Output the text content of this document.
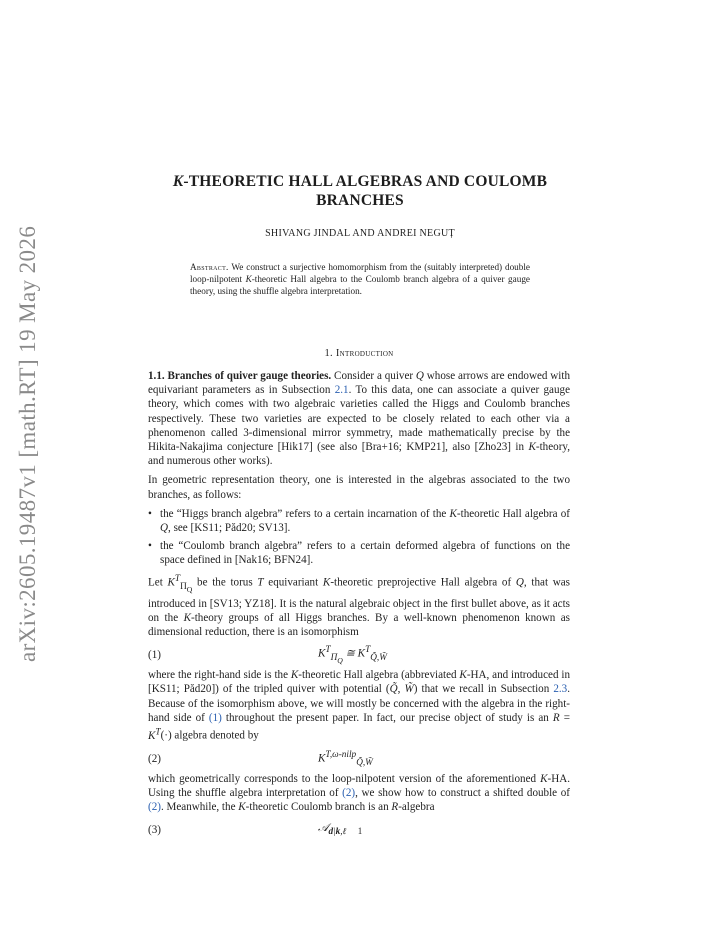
arXiv:2605.19487v1 [math.RT] 19 May 2026
K-THEORETIC HALL ALGEBRAS AND COULOMB
BRANCHES
SHIVANG JINDAL AND ANDREI NEGUȚ
Abstract. We construct a surjective homomorphism from the (suitably interpreted) double loop-nilpotent K-theoretic Hall algebra to the Coulomb branch algebra of a quiver gauge theory, using the shuffle algebra interpretation.
1. Introduction

1.1. Branches of quiver gauge theories. Consider a quiver Q whose arrows are endowed with equivariant parameters as in Subsection 2.1. To this data, one can associate a quiver gauge theory, which comes with two algebraic varieties called the Higgs and Coulomb branches respectively. These two varieties are expected to be closely related to each other via a phenomenon called 3-dimensional mirror symmetry, made mathematically precise by the Hikita-Nakajima conjecture [Hik17] (see also [Bra+16; KMP21], also [Zho23] in K-theory, and numerous other works).

In geometric representation theory, one is interested in the algebras associated to the two branches, as follows:

• the “Higgs branch algebra” refers to a certain incarnation of the K-theoretic Hall algebra of Q, see [KS11; Păd20; SV13].
• the “Coulomb branch algebra” refers to a certain deformed algebra of functions on the space defined in [Nak16; BFN24].

Let $K^T_{\Pi_Q}$ be the torus T equivariant K-theoretic preprojective Hall algebra of Q, that was introduced in [SV13; YZ18]. It is the natural algebraic object in the first bullet above, as it acts on the K-theory groups of all Higgs branches. By a well-known phenomenon known as dimensional reduction, there is an isomorphism

(1)	$K^T_{\Pi_Q}$ ≅ $K^T_{Q̃,W̃}$

where the right-hand side is the K-theoretic Hall algebra (abbreviated K-HA, and introduced in [KS11; Păd20]) of the tripled quiver with potential (Q̃, W̃) that we recall in Subsection 2.3. Because of the isomorphism above, we will mostly be concerned with the algebra in the right-hand side of (1) throughout the present paper. In fact, our precise object of study is an $R = K^T(\cdot)$ algebra denoted by

(2)	$K^{T,\omega-nilp}_{Q̃,W̃}$

which geometrically corresponds to the loop-nilpotent version of the aforementioned K-HA. Using the shuffle algebra interpretation of (2), we show how to construct a shifted double of (2). Meanwhile, the K-theoretic Coulomb branch is an R-algebra

(3)	𝒜$_{d|k,\ell}$	1
